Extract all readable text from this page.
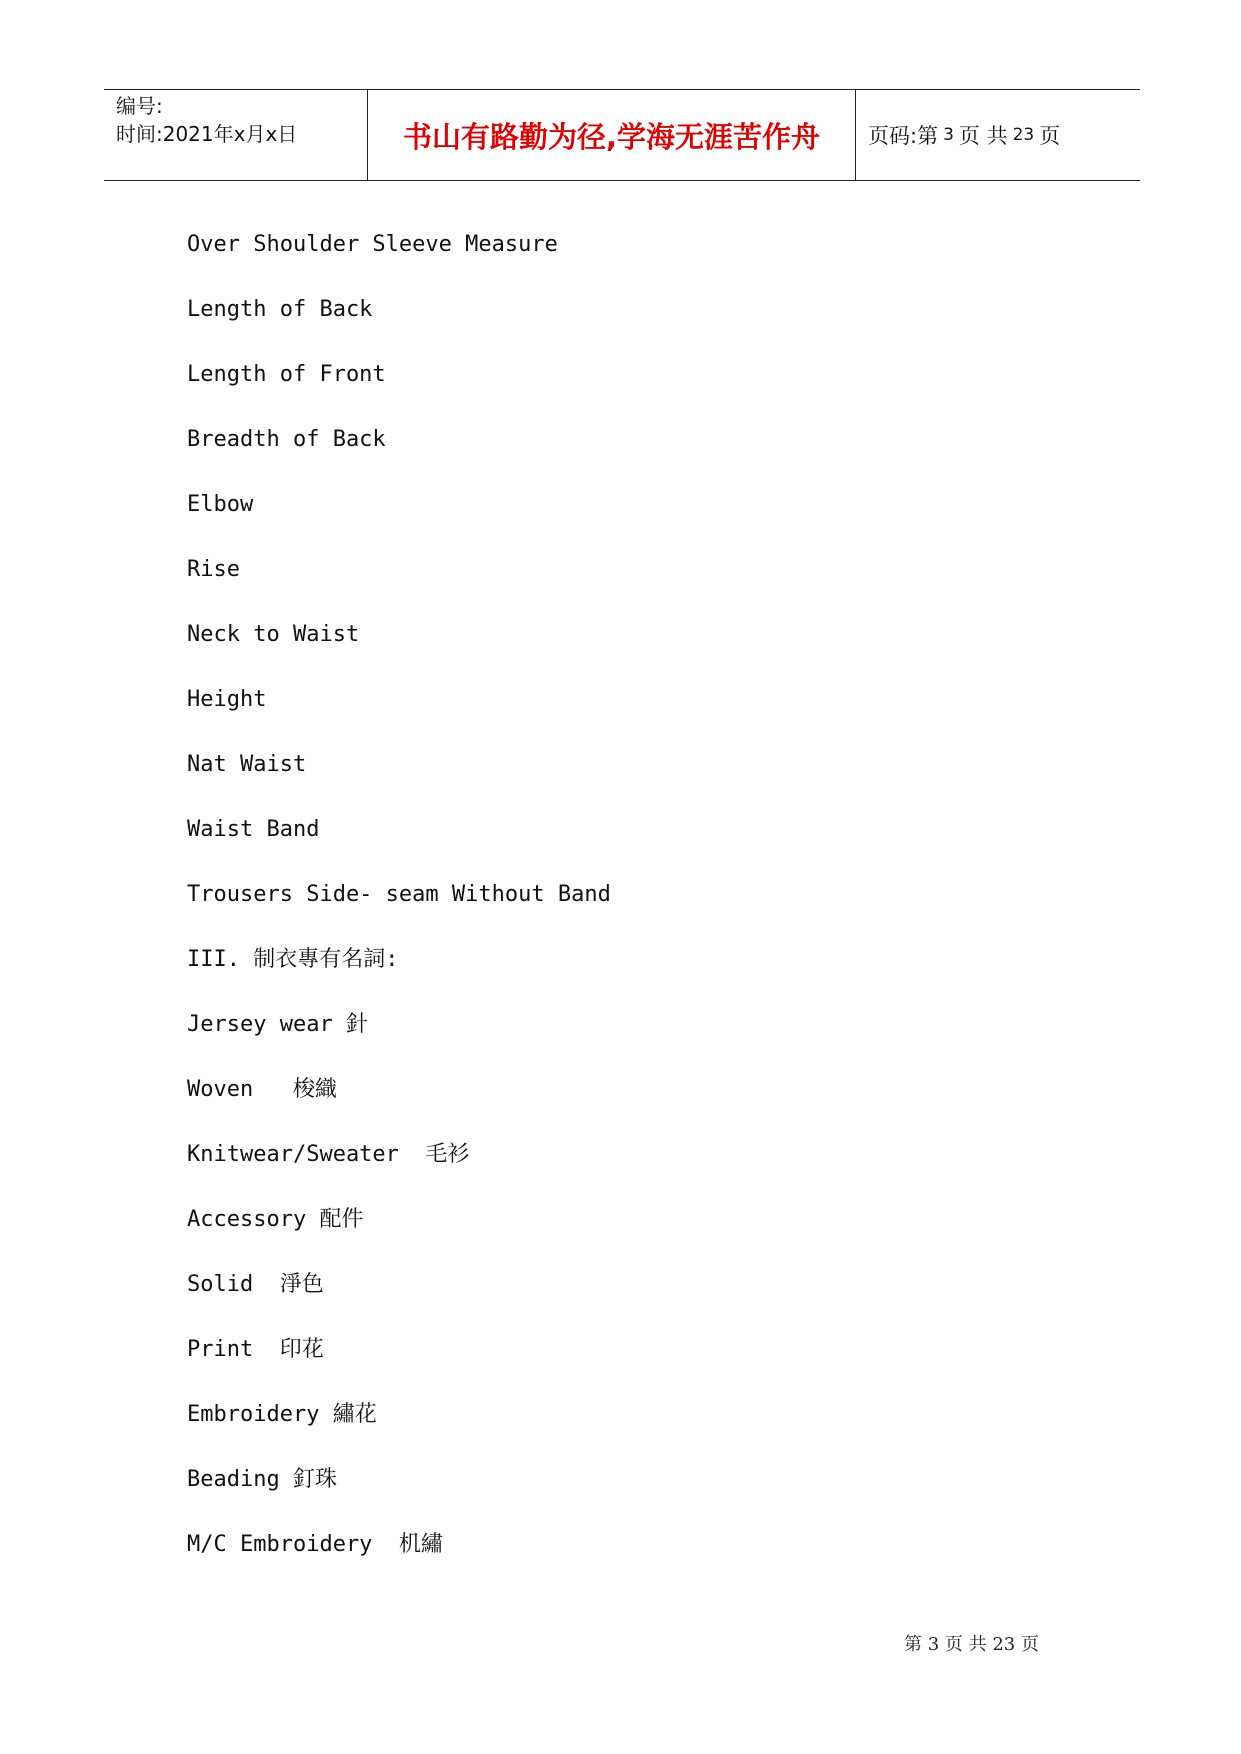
编号:
时间:2021年x月x日	书山有路勤为径,学海无涯苦作舟	页码:第 3 页 共 23 页
Over Shoulder Sleeve Measure
Length of Back
Length of Front
Breadth of Back
Elbow
Rise
Neck to Waist
Height
Nat Waist
Waist Band
Trousers Side- seam Without Band
III. 制衣專有名詞:
Jersey wear 針
Woven   梭織
Knitwear/Sweater  毛衫
Accessory 配件
Solid  淨色
Print  印花
Embroidery 繡花
Beading 釘珠
M/C Embroidery  机繡
第 3 页 共 23 页
